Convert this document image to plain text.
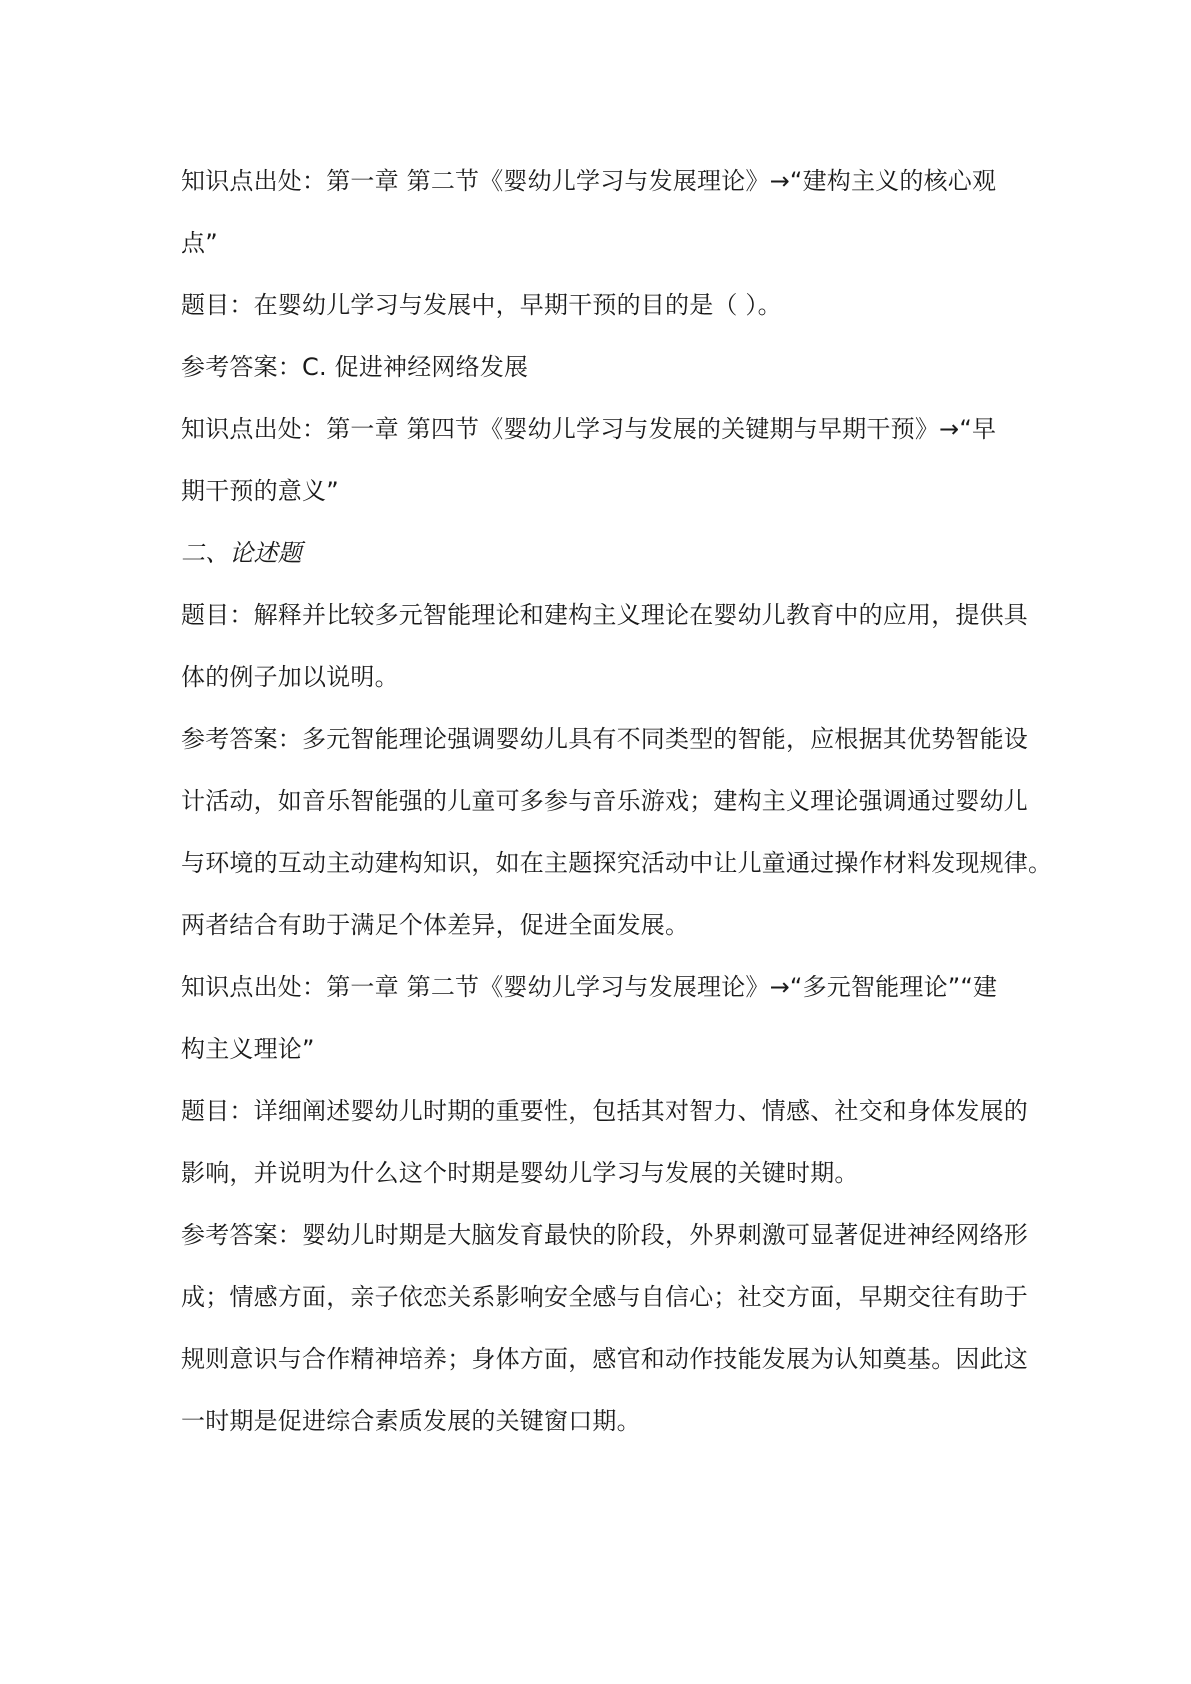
知识点出处：第一章 第二节《婴幼儿学习与发展理论》→“建构主义的核心观
点”
题目：在婴幼儿学习与发展中，早期干预的目的是（ ）。
参考答案：C. 促进神经网络发展
知识点出处：第一章 第四节《婴幼儿学习与发展的关键期与早期干预》→“早
期干预的意义”
二、论述题
题目：解释并比较多元智能理论和建构主义理论在婴幼儿教育中的应用，提供具
体的例子加以说明。
参考答案：多元智能理论强调婴幼儿具有不同类型的智能，应根据其优势智能设
计活动，如音乐智能强的儿童可多参与音乐游戏；建构主义理论强调通过婴幼儿
与环境的互动主动建构知识，如在主题探究活动中让儿童通过操作材料发现规律。
两者结合有助于满足个体差异，促进全面发展。
知识点出处：第一章 第二节《婴幼儿学习与发展理论》→“多元智能理论”“建
构主义理论”
题目：详细阐述婴幼儿时期的重要性，包括其对智力、情感、社交和身体发展的
影响，并说明为什么这个时期是婴幼儿学习与发展的关键时期。
参考答案：婴幼儿时期是大脑发育最快的阶段，外界刺激可显著促进神经网络形
成；情感方面，亲子依恋关系影响安全感与自信心；社交方面，早期交往有助于
规则意识与合作精神培养；身体方面，感官和动作技能发展为认知奠基。因此这
一时期是促进综合素质发展的关键窗口期。
